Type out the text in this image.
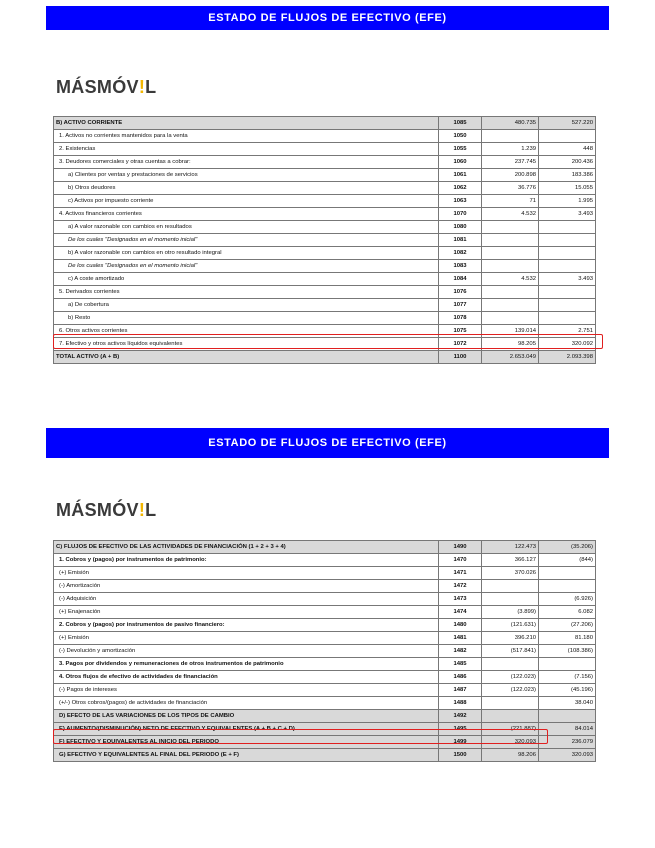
ESTADO DE FLUJOS DE EFECTIVO (EFE)
MÁSMÓV!L
B) ACTIVO CORRIENTE	1085	480.735	527.220
1. Activos no corrientes mantenidos para la venta	1050		
2. Existencias	1055	1.239	448
3. Deudores comerciales y otras cuentas a cobrar:	1060	237.745	200.436
a) Clientes por ventas y prestaciones de servicios	1061	200.898	183.386
b) Otros deudores	1062	36.776	15.055
c) Activos por impuesto corriente	1063	71	1.995
4. Activos financieros corrientes	1070	4.532	3.493
a) A valor razonable con cambios en resultados	1080		
De los cuales "Designados en el momento inicial"	1081		
b) A valor razonable con cambios en otro resultado integral	1082		
De los cuales "Designados en el momento inicial"	1083		
c) A coste amortizado	1084	4.532	3.493
5. Derivados corrientes	1076		
a) De cobertura	1077		
b) Resto	1078		
6. Otros activos corrientes	1075	139.014	2.751
7. Efectivo y otros activos líquidos equivalentes	1072	98.205	320.092
TOTAL ACTIVO (A + B)	1100	2.653.049	2.093.398
ESTADO DE FLUJOS DE EFECTIVO (EFE)
MÁSMÓV!L
C) FLUJOS DE EFECTIVO DE LAS ACTIVIDADES DE FINANCIACIÓN (1 + 2 + 3 + 4)	1490	122.473	(35.206)
1. Cobros y (pagos) por instrumentos de patrimonio:	1470	366.127	(844)
(+) Emisión	1471	370.026	
(-) Amortización	1472		
(-) Adquisición	1473		(6.926)
(+) Enajenación	1474	(3.899)	6.082
2. Cobros y (pagos) por instrumentos de pasivo financiero:	1480	(121.631)	(27.206)
(+) Emisión	1481	396.210	81.180
(-) Devolución y amortización	1482	(517.841)	(108.386)
3. Pagos por dividendos y remuneraciones de otros instrumentos de patrimonio	1485		
4. Otros flujos de efectivo de actividades de financiación	1486	(122.023)	(7.156)
(-) Pagos de intereses	1487	(122.023)	(45.196)
(+/-) Otros cobros/(pagos) de actividades de financiación	1488		38.040
D) EFECTO DE LAS VARIACIONES DE LOS TIPOS DE CAMBIO	1492		
E) AUMENTO/(DISMINUCIÓN) NETO DE EFECTIVO Y EQUIVALENTES (A + B + C + D)	1495	(221.887)	84.014
F) EFECTIVO Y EQUIVALENTES AL INICIO DEL PERIODO	1499	320.093	236.079
G) EFECTIVO Y EQUIVALENTES AL FINAL DEL PERIODO (E + F)	1500	98.206	320.093
